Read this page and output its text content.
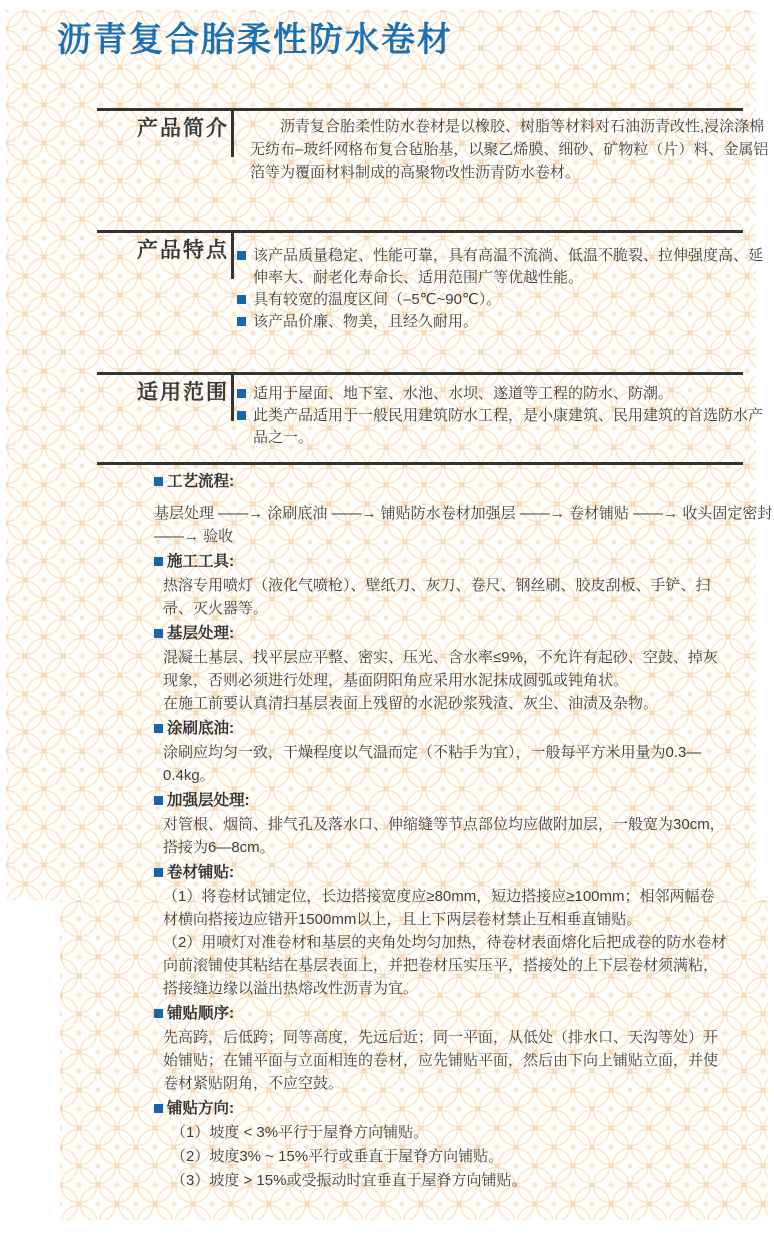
沥青复合胎柔性防水卷材
产品简介	沥青复合胎柔性防水卷材是以橡胶、树脂等材料对石油沥青改性,浸涂涤棉无纺布–玻纤网格布复合毡胎基，以聚乙烯膜、细砂、矿物粒（片）料、金属铝箔等为覆面材料制成的高聚物改性沥青防水卷材。

产品特点	该产品质量稳定、性能可靠，具有高温不流淌、低温不脆裂、拉伸强度高、延伸率大、耐老化寿命长、适用范围广等优越性能。
具有较宽的温度区间（–5℃~90℃）。
该产品价廉、物美，且经久耐用。
适用范围	适用于屋面、地下室、水池、水坝、遂道等工程的防水、防潮。
此类产品适用于一般民用建筑防水工程，是小康建筑、民用建筑的首选防水产品之一。
工艺流程:

基层处理 ——→ 涂刷底油 ——→ 铺贴防水卷材加强层 ——→ 卷材铺贴 ——→ 收头固定密封

——→ 验收

施工工具:

热溶专用喷灯（液化气喷枪）、壁纸刀、灰刀、卷尺、钢丝刷、胶皮刮板、手铲、扫帚、灭火器等。

基层处理:

混凝土基层、找平层应平整、密实、压光、含水率≤9%，不允许有起砂、空鼓、掉灰现象，否则必须进行处理，基面阴阳角应采用水泥抹成圆弧或钝角状。

在施工前要认真清扫基层表面上残留的水泥砂浆残渣、灰尘、油渍及杂物。

涂刷底油:

涂刷应均匀一致，干燥程度以气温而定（不粘手为宜），一般每平方米用量为0.3—0.4kg。

加强层处理:

对管根、烟筒、排气孔及落水口、伸缩缝等节点部位均应做附加层，一般宽为30cm，搭接为6—8cm。

卷材铺贴:

（1）将卷材试铺定位，长边搭接宽度应≥80mm，短边搭接应≥100mm；相邻两幅卷材横向搭接边应错开1500mm以上，且上下两层卷材禁止互相垂直铺贴。

（2）用喷灯对准卷材和基层的夹角处均匀加热，待卷材表面熔化后把成卷的防水卷材向前滚铺使其粘结在基层表面上，并把卷材压实压平，搭接处的上下层卷材须满粘，搭接缝边缘以溢出热熔改性沥青为宜。

铺贴顺序:

先高跨，后低跨；同等高度，先远后近；同一平面，从低处（排水口、天沟等处）开始铺贴；在铺平面与立面相连的卷材，应先铺贴平面，然后由下向上铺贴立面，并使卷材紧贴阴角，不应空鼓。

铺贴方向:

（1）坡度 < 3%平行于屋脊方向铺贴。

（2）坡度3% ~ 15%平行或垂直于屋脊方向铺贴。

（3）坡度 > 15%或受振动时宜垂直于屋脊方向铺贴。
